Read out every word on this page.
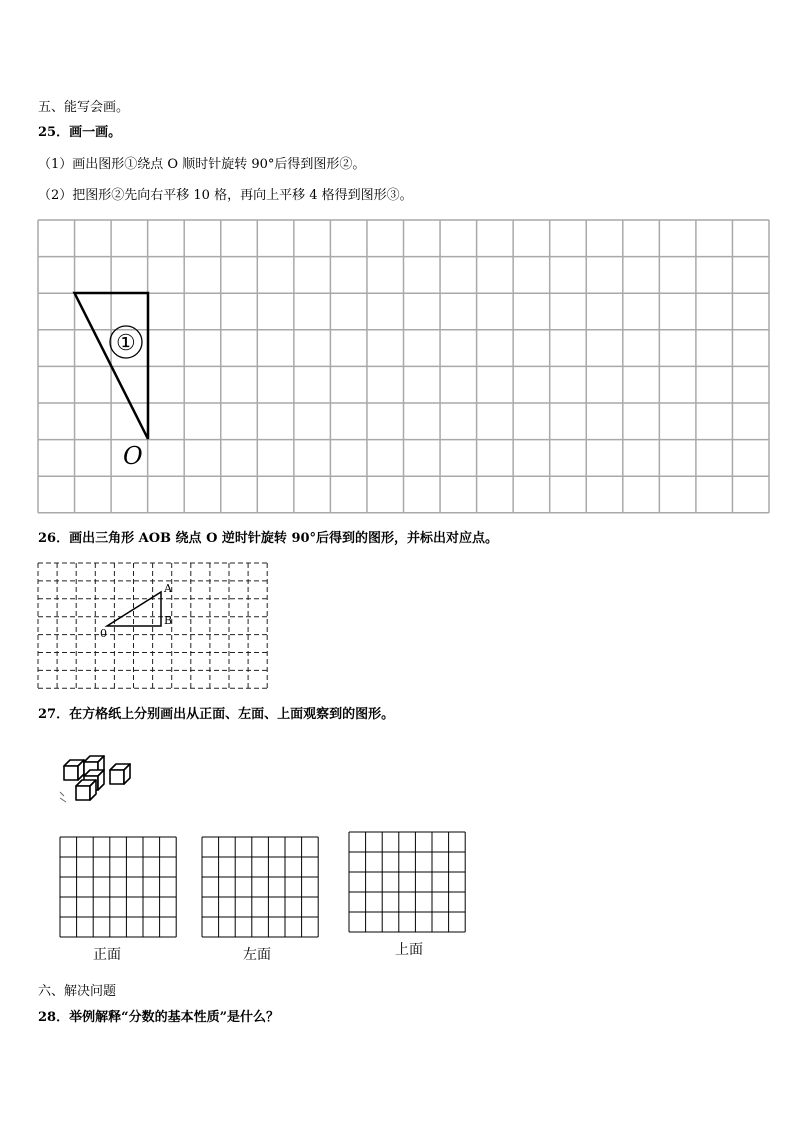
五、能写会画。
25．画一画。
（1）画出图形①绕点 O 顺时针旋转 90°后得到图形②。
（2）把图形②先向右平移 10 格，再向上平移 4 格得到图形③。
①
O
26．画出三角形 AOB 绕点 O 逆时针旋转 90°后得到的图形，并标出对应点。
A
B
0
27．在方格纸上分别画出从正面、左面、上面观察到的图形。
正面	左面	上面
六、解决问题
28．举例解释“分数的基本性质”是什么？
